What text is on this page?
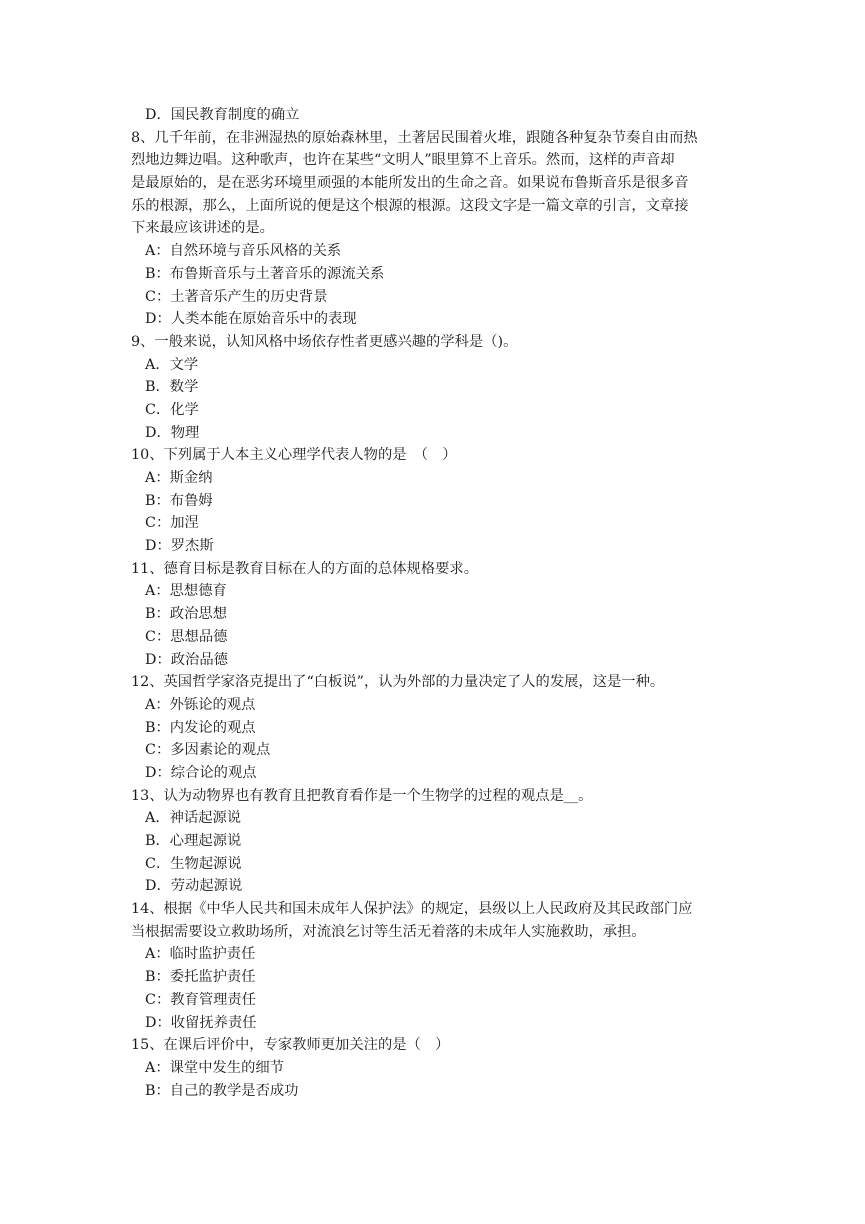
D．国民教育制度的确立
8、几千年前，在非洲湿热的原始森林里，土著居民围着火堆，跟随各种复杂节奏自由而热
烈地边舞边唱。这种歌声，也许在某些“文明人”眼里算不上音乐。然而，这样的声音却
是最原始的，是在恶劣环境里顽强的本能所发出的生命之音。如果说布鲁斯音乐是很多音
乐的根源，那么，上面所说的便是这个根源的根源。这段文字是一篇文章的引言，文章接
下来最应该讲述的是。
A：自然环境与音乐风格的关系
B：布鲁斯音乐与土著音乐的源流关系
C：土著音乐产生的历史背景
D：人类本能在原始音乐中的表现
9、一般来说，认知风格中场依存性者更感兴趣的学科是（)。
A．文学
B．数学
C．化学
D．物理
10、下列属于人本主义心理学代表人物的是　（　）
A：斯金纳
B：布鲁姆
C：加涅
D：罗杰斯
11、德育目标是教育目标在人的方面的总体规格要求。
A：思想德育
B：政治思想
C：思想品德
D：政治品德
12、英国哲学家洛克提出了“白板说”，认为外部的力量决定了人的发展，这是一种。
A：外铄论的观点
B：内发论的观点
C：多因素论的观点
D：综合论的观点
13、认为动物界也有教育且把教育看作是一个生物学的过程的观点是__。
A．神话起源说
B．心理起源说
C．生物起源说
D．劳动起源说
14、根据《中华人民共和国未成年人保护法》的规定，县级以上人民政府及其民政部门应
当根据需要设立救助场所，对流浪乞讨等生活无着落的未成年人实施救助，承担。
A：临时监护责任
B：委托监护责任
C：教育管理责任
D：收留抚养责任
15、在课后评价中，专家教师更加关注的是（　）
A：课堂中发生的细节
B：自己的教学是否成功
